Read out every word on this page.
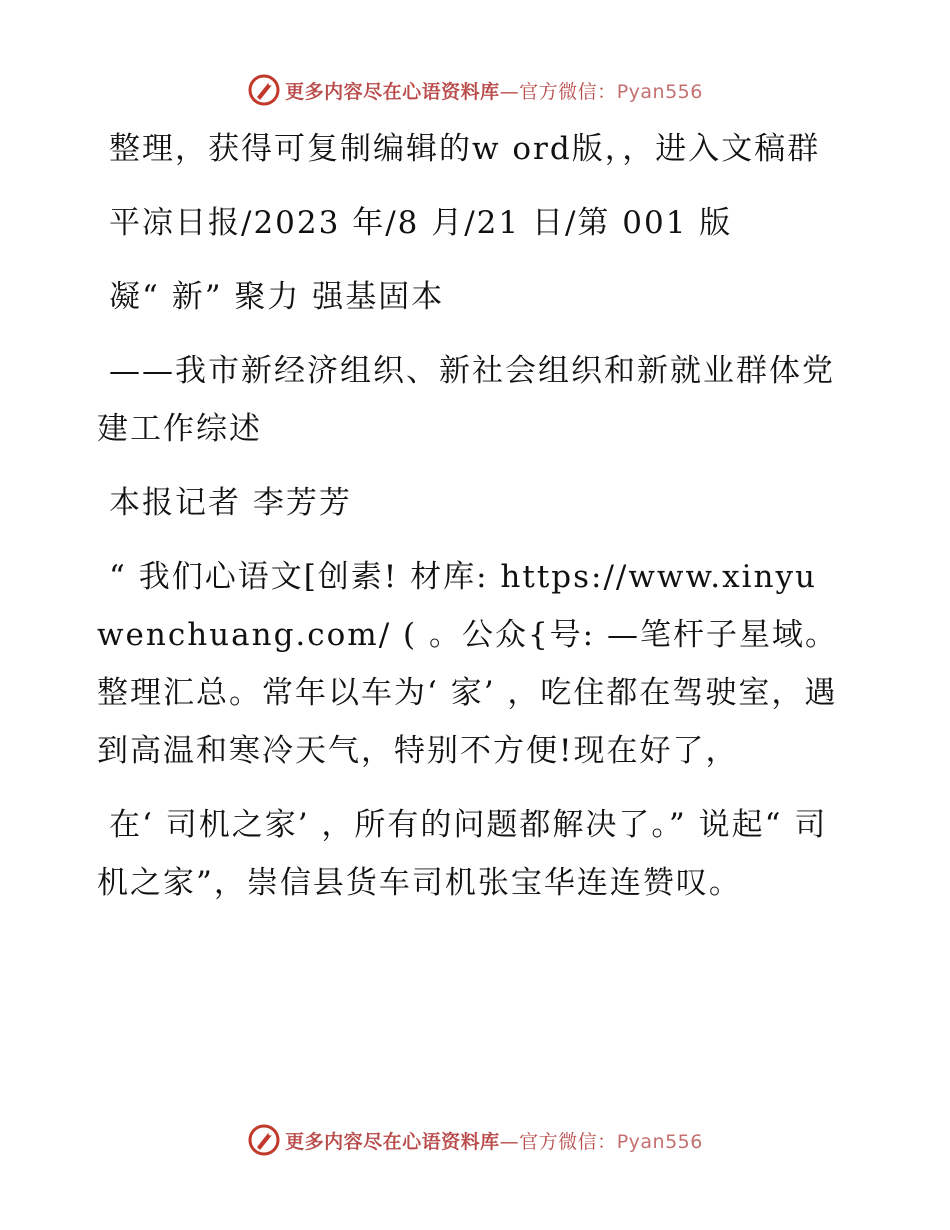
更多内容尽在心语资料库—官方微信：Pyan556

整理，获得可复制编辑的w ord版，，进入文稿群

平凉日报/2023 年/8 月/21 日/第 001 版

凝“ 新” 聚力 强基固本

——我市新经济组织、新社会组织和新就业群体党建工作综述

本报记者 李芳芳

“ 我们心语文[创素! 材库: https://www.xinyuwenchuang.com/ ( 。公众{号: —笔杆子星域。整理汇总。常年以车为‘ 家’ ，吃住都在驾驶室，遇到高温和寒冷天气，特别不方便!现在好了，

在‘ 司机之家’ ，所有的问题都解决了。” 说起“ 司机之家”，崇信县货车司机张宝华连连赞叹。

更多内容尽在心语资料库—官方微信：Pyan556
